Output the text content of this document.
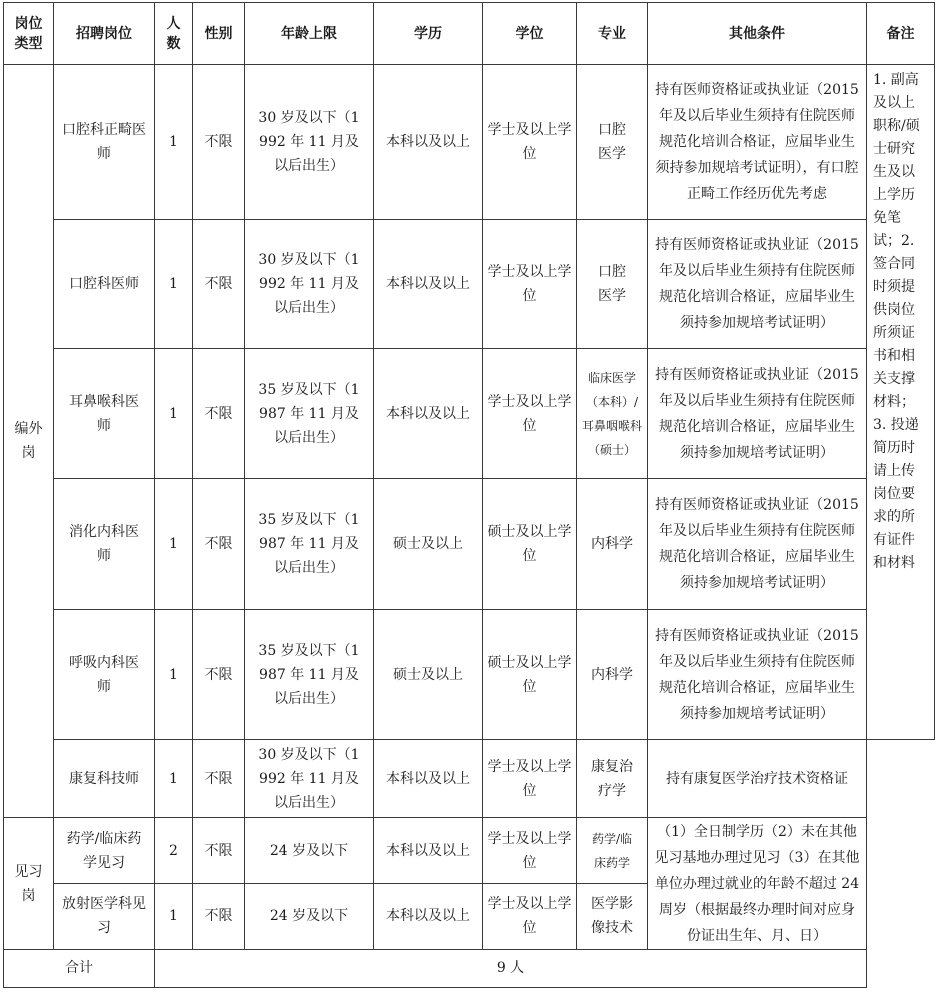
岗位类型	招聘岗位	人数	性别	年龄上限	学历	学位	专业	其他条件	备注
编外岗	口腔科正畸医师	1	不限	30 岁及以下（1992 年 11 月及以后出生）	本科以及以上	学士及以上学位	口腔医学	持有医师资格证或执业证（2015 年及以后毕业生须持有住院医师规范化培训合格证，应届毕业生须持参加规培考试证明），有口腔正畸工作经历优先考虑	1. 副高及以上职称/硕士研究生及以上学历免笔试；2. 签合同时须提供岗位所须证书和相关支撑材料；3. 投递简历时请上传岗位要求的所有证件和材料
	口腔科医师	1	不限	30 岁及以下（1992 年 11 月及以后出生）	本科以及以上	学士及以上学位	口腔医学	持有医师资格证或执业证（2015 年及以后毕业生须持有住院医师规范化培训合格证，应届毕业生须持参加规培考试证明）	
	耳鼻喉科医师	1	不限	35 岁及以下（1987 年 11 月及以后出生）	本科以及以上	学士及以上学位	临床医学（本科）/耳鼻咽喉科（硕士）	持有医师资格证或执业证（2015 年及以后毕业生须持有住院医师规范化培训合格证，应届毕业生须持参加规培考试证明）	
	消化内科医师	1	不限	35 岁及以下（1987 年 11 月及以后出生）	硕士及以上	硕士及以上学位	内科学	持有医师资格证或执业证（2015 年及以后毕业生须持有住院医师规范化培训合格证，应届毕业生须持参加规培考试证明）	
	呼吸内科医师	1	不限	35 岁及以下（1987 年 11 月及以后出生）	硕士及以上	硕士及以上学位	内科学	持有医师资格证或执业证（2015 年及以后毕业生须持有住院医师规范化培训合格证，应届毕业生须持参加规培考试证明）	
	康复科技师	1	不限	30 岁及以下（1992 年 11 月及以后出生）	本科以及以上	学士及以上学位	康复治疗学	持有康复医学治疗技术资格证	
见习岗	药学/临床药学见习	2	不限	24 岁及以下	本科以及以上	学士及以上学位	药学/临床药学	（1）全日制学历（2）未在其他见习基地办理过见习（3）在其他单位办理过就业的年龄不超过 24 周岁（根据最终办理时间对应身份证出生年、月、日）	
	放射医学科见习	1	不限	24 岁及以下	本科以及以上	学士及以上学位	医学影像技术		
合计		9 人							
